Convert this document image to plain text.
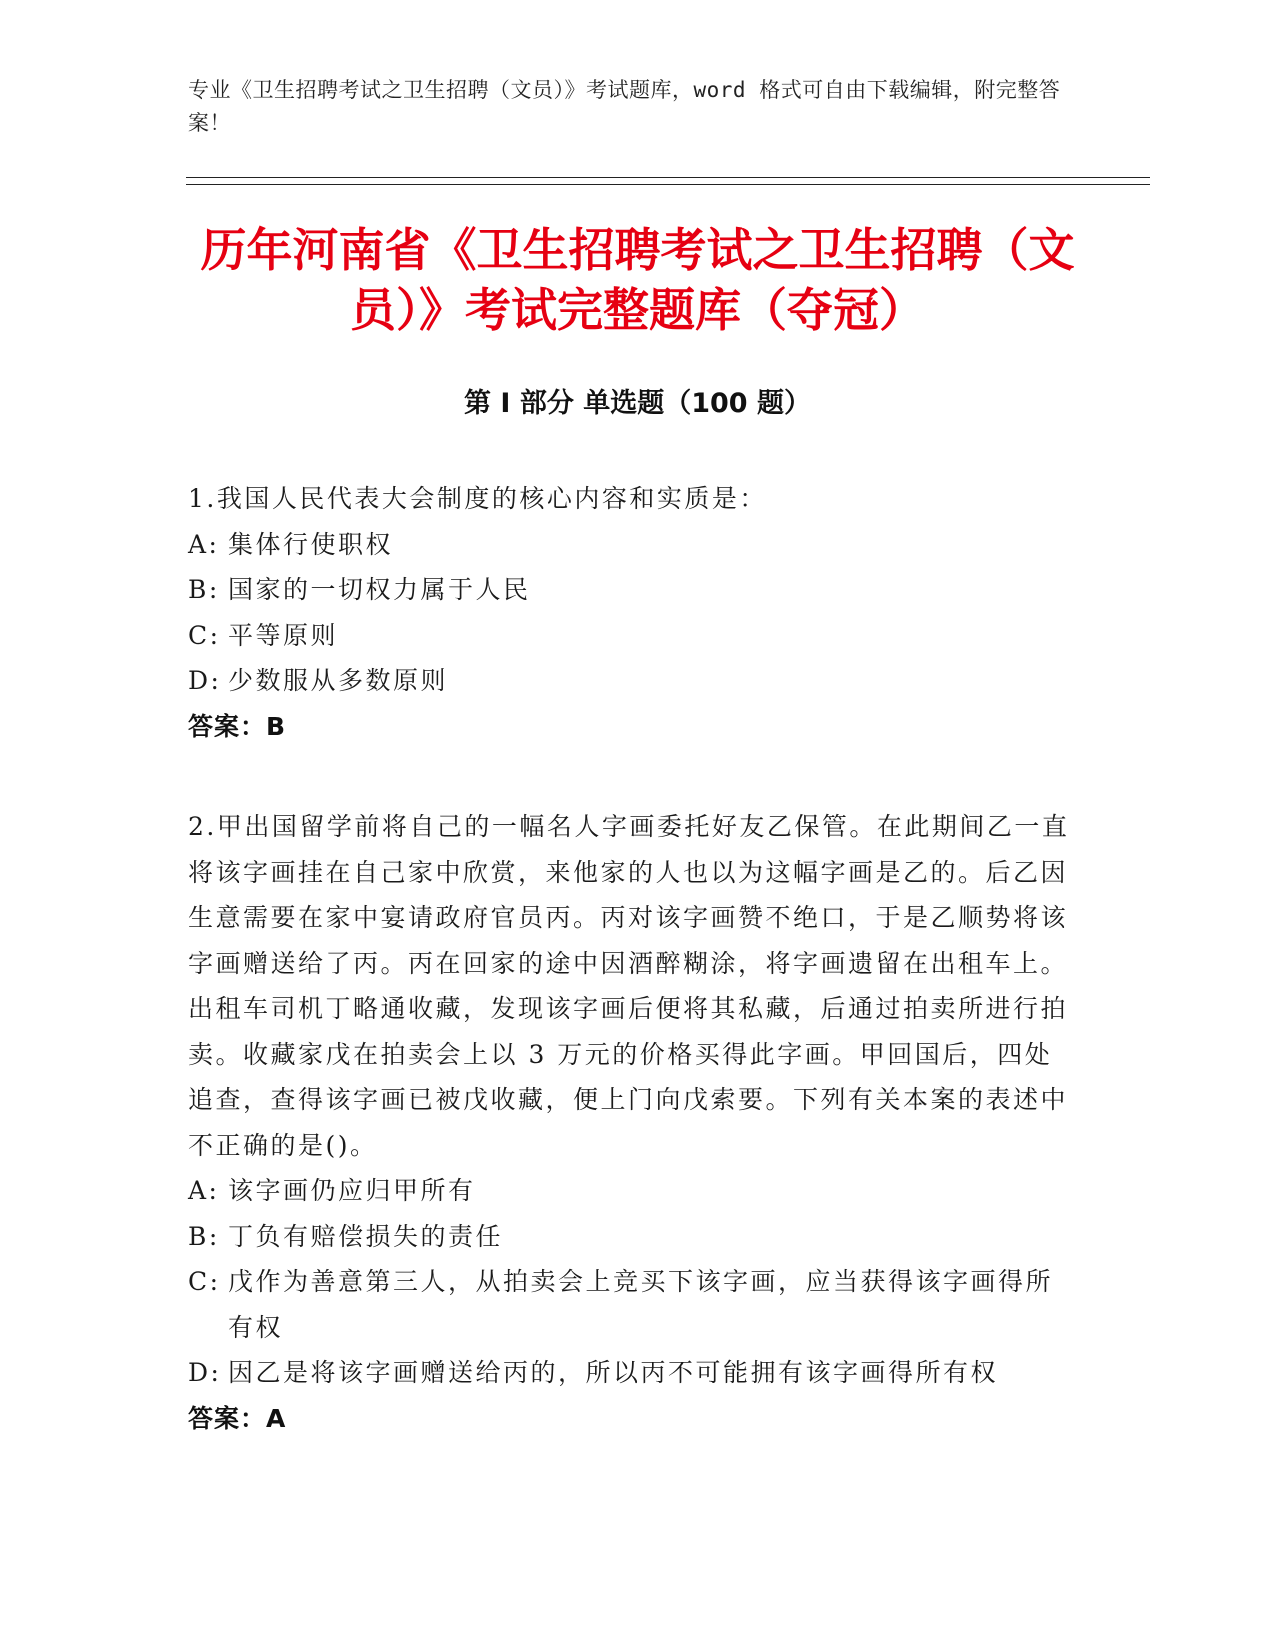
专业《卫生招聘考试之卫生招聘（文员）》考试题库，word 格式可自由下载编辑，附完整答案！
历年河南省《卫生招聘考试之卫生招聘（文员）》考试完整题库（夺冠）
第 I 部分 单选题（100 题）
1.我国人民代表大会制度的核心内容和实质是：
A: 集体行使职权
B: 国家的一切权力属于人民
C: 平等原则
D: 少数服从多数原则
答案：B
2.甲出国留学前将自己的一幅名人字画委托好友乙保管。在此期间乙一直将该字画挂在自己家中欣赏，来他家的人也以为这幅字画是乙的。后乙因生意需要在家中宴请政府官员丙。丙对该字画赞不绝口，于是乙顺势将该字画赠送给了丙。丙在回家的途中因酒醉糊涂，将字画遗留在出租车上。出租车司机丁略通收藏，发现该字画后便将其私藏，后通过拍卖所进行拍卖。收藏家戊在拍卖会上以 3 万元的价格买得此字画。甲回国后，四处追查，查得该字画已被戊收藏，便上门向戊索要。下列有关本案的表述中不正确的是()。
A: 该字画仍应归甲所有
B: 丁负有赔偿损失的责任
C: 戊作为善意第三人，从拍卖会上竞买下该字画，应当获得该字画得所有权
D: 因乙是将该字画赠送给丙的，所以丙不可能拥有该字画得所有权
答案：A
